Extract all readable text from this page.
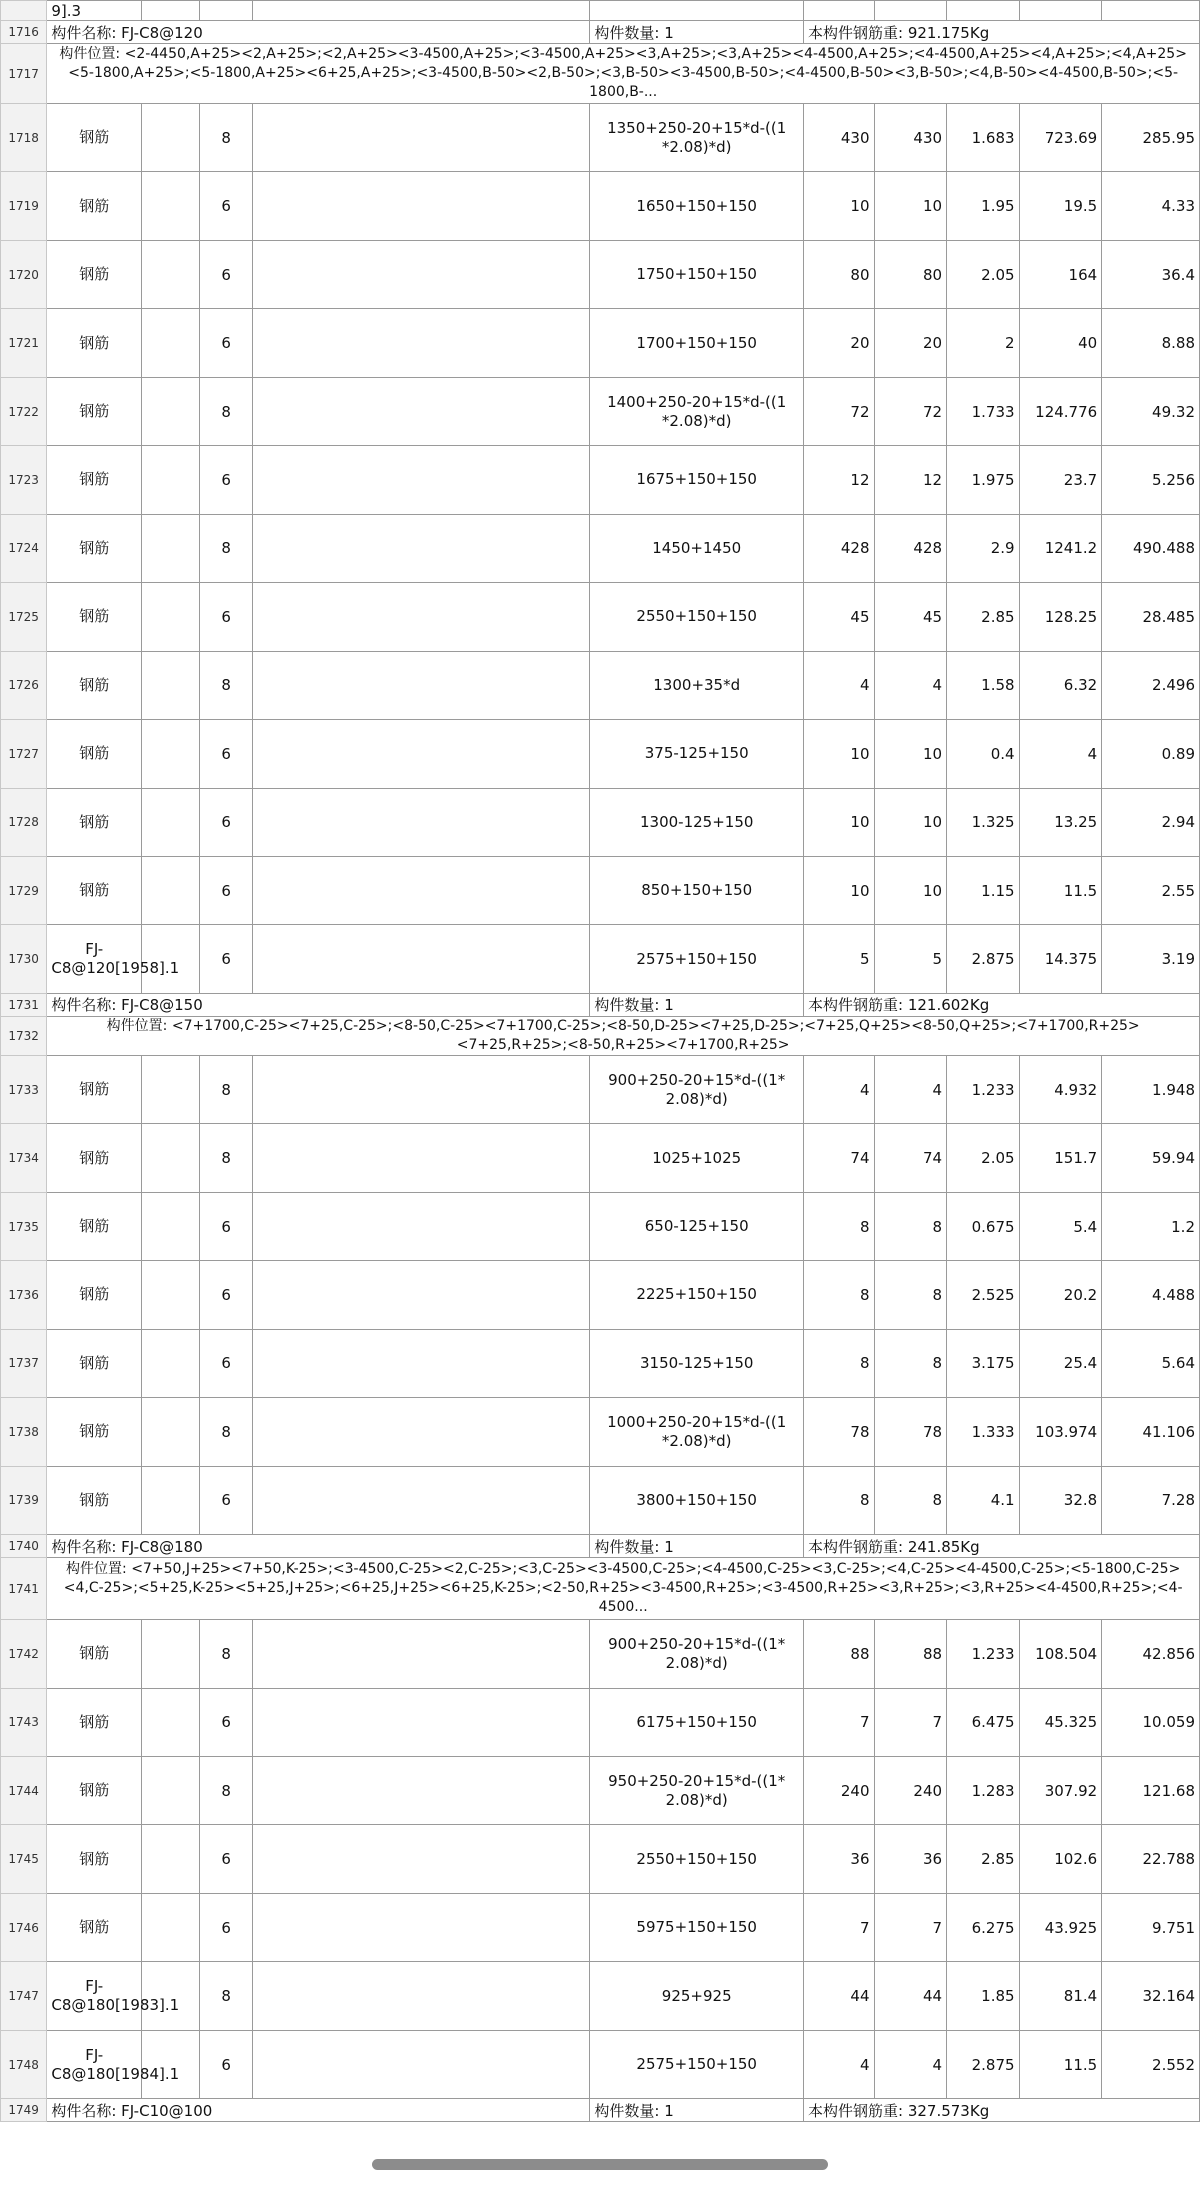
	9].3									
1716	构件名称: FJ-C8@120				构件数量: 1	本构件钢筋重: 921.175Kg				
1717	构件位置: <2-4450,A+25><2,A+25>;<2,A+25><3-4500,A+25>;<3-4500,A+25><3,A+25>;<3,A+25><4-4500,A+25>;<4-4500,A+25><4,A+25>;<4,A+25><5-1800,A+25>;<5-1800,A+25><6+25,A+25>;<3-4500,B-50><2,B-50>;<3,B-50><3-4500,B-50>;<4-4500,B-50><3,B-50>;<4,B-50><4-4500,B-50>;<5-1800,B-...									
1718	钢筋		8		1350+250-20+15*d-((1
*2.08)*d)	430	430	1.683	723.69	285.95
1719	钢筋		6		1650+150+150	10	10	1.95	19.5	4.33
1720	钢筋		6		1750+150+150	80	80	2.05	164	36.4
1721	钢筋		6		1700+150+150	20	20	2	40	8.88
1722	钢筋		8		1400+250-20+15*d-((1
*2.08)*d)	72	72	1.733	124.776	49.32
1723	钢筋		6		1675+150+150	12	12	1.975	23.7	5.256
1724	钢筋		8		1450+1450	428	428	2.9	1241.2	490.488
1725	钢筋		6		2550+150+150	45	45	2.85	128.25	28.485
1726	钢筋		8		1300+35*d	4	4	1.58	6.32	2.496
1727	钢筋		6		375-125+150	10	10	0.4	4	0.89
1728	钢筋		6		1300-125+150	10	10	1.325	13.25	2.94
1729	钢筋		6		850+150+150	10	10	1.15	11.5	2.55
1730	FJ-C8@120[1958].1		6		2575+150+150	5	5	2.875	14.375	3.19
1731	构件名称: FJ-C8@150				构件数量: 1	本构件钢筋重: 121.602Kg				
1732	构件位置: <7+1700,C-25><7+25,C-25>;<8-50,C-25><7+1700,C-25>;<8-50,D-25><7+25,D-25>;<7+25,Q+25><8-50,Q+25>;<7+1700,R+25><7+25,R+25>;<8-50,R+25><7+1700,R+25>									
1733	钢筋		8		900+250-20+15*d-((1*
2.08)*d)	4	4	1.233	4.932	1.948
1734	钢筋		8		1025+1025	74	74	2.05	151.7	59.94
1735	钢筋		6		650-125+150	8	8	0.675	5.4	1.2
1736	钢筋		6		2225+150+150	8	8	2.525	20.2	4.488
1737	钢筋		6		3150-125+150	8	8	3.175	25.4	5.64
1738	钢筋		8		1000+250-20+15*d-((1
*2.08)*d)	78	78	1.333	103.974	41.106
1739	钢筋		6		3800+150+150	8	8	4.1	32.8	7.28
1740	构件名称: FJ-C8@180				构件数量: 1	本构件钢筋重: 241.85Kg				
1741	构件位置: <7+50,J+25><7+50,K-25>;<3-4500,C-25><2,C-25>;<3,C-25><3-4500,C-25>;<4-4500,C-25><3,C-25>;<4,C-25><4-4500,C-25>;<5-1800,C-25><4,C-25>;<5+25,K-25><5+25,J+25>;<6+25,J+25><6+25,K-25>;<2-50,R+25><3-4500,R+25>;<3-4500,R+25><3,R+25>;<3,R+25><4-4500,R+25>;<4-4500...									
1742	钢筋		8		900+250-20+15*d-((1*
2.08)*d)	88	88	1.233	108.504	42.856
1743	钢筋		6		6175+150+150	7	7	6.475	45.325	10.059
1744	钢筋		8		950+250-20+15*d-((1*
2.08)*d)	240	240	1.283	307.92	121.68
1745	钢筋		6		2550+150+150	36	36	2.85	102.6	22.788
1746	钢筋		6		5975+150+150	7	7	6.275	43.925	9.751
1747	FJ-C8@180[1983].1		8		925+925	44	44	1.85	81.4	32.164
1748	FJ-C8@180[1984].1		6		2575+150+150	4	4	2.875	11.5	2.552
1749	构件名称: FJ-C10@100				构件数量: 1	本构件钢筋重: 327.573Kg				
